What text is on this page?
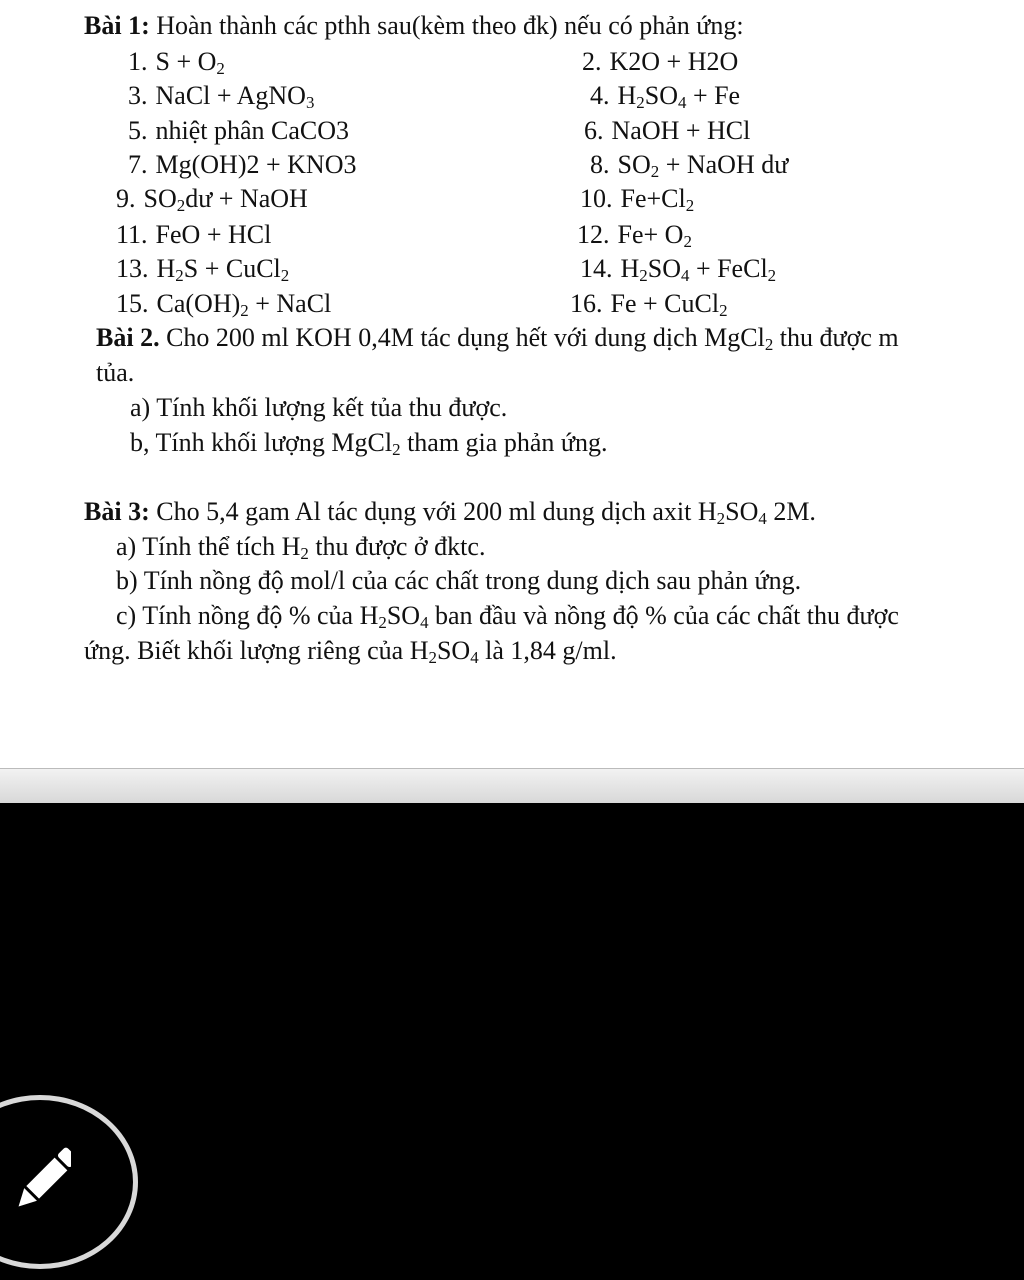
Bài 1: Hoàn thành các pthh sau(kèm theo đk) nếu có phản ứng:
1. $S + O_2$	2. K2O + H2O
3. NaCl + AgNO$_3$	4. $H_2SO_4 + Fe$
5. nhiệt phân CaCO3	6. NaOH + HCl
7. Mg(OH)2 + KNO3	8. $SO_2$ + NaOH dư
9. $SO_2dư$ + NaOH	10. $Fe+Cl_2$
11. FeO + HCl	12. $Fe+ O_2$
13. $H_2S$ + CuCl$_2$	14. $H_2SO_4$ + FeCl$_2$
15. $Ca(OH)_2$ + NaCl	16. Fe + CuCl$_2$
Bài 2. Cho 200 ml KOH 0,4M tác dụng hết với dung dịch MgCl$_2$ thu được m
tủa.
a) Tính khối lượng kết tủa thu được.
b, Tính khối lượng MgCl$_2$ tham gia phản ứng.
Bài 3: Cho 5,4 gam Al tác dụng với 200 ml dung dịch axit $H_2SO_4$ 2M.
a) Tính thể tích $H_2$ thu được ở đktc.
b) Tính nồng độ mol/l của các chất trong dung dịch sau phản ứng.
c) Tính nồng độ % của $H_2SO_4$ ban đầu và nồng độ % của các chất thu được
ứng. Biết khối lượng riêng của $H_2SO_4$ là 1,84 g/ml.
